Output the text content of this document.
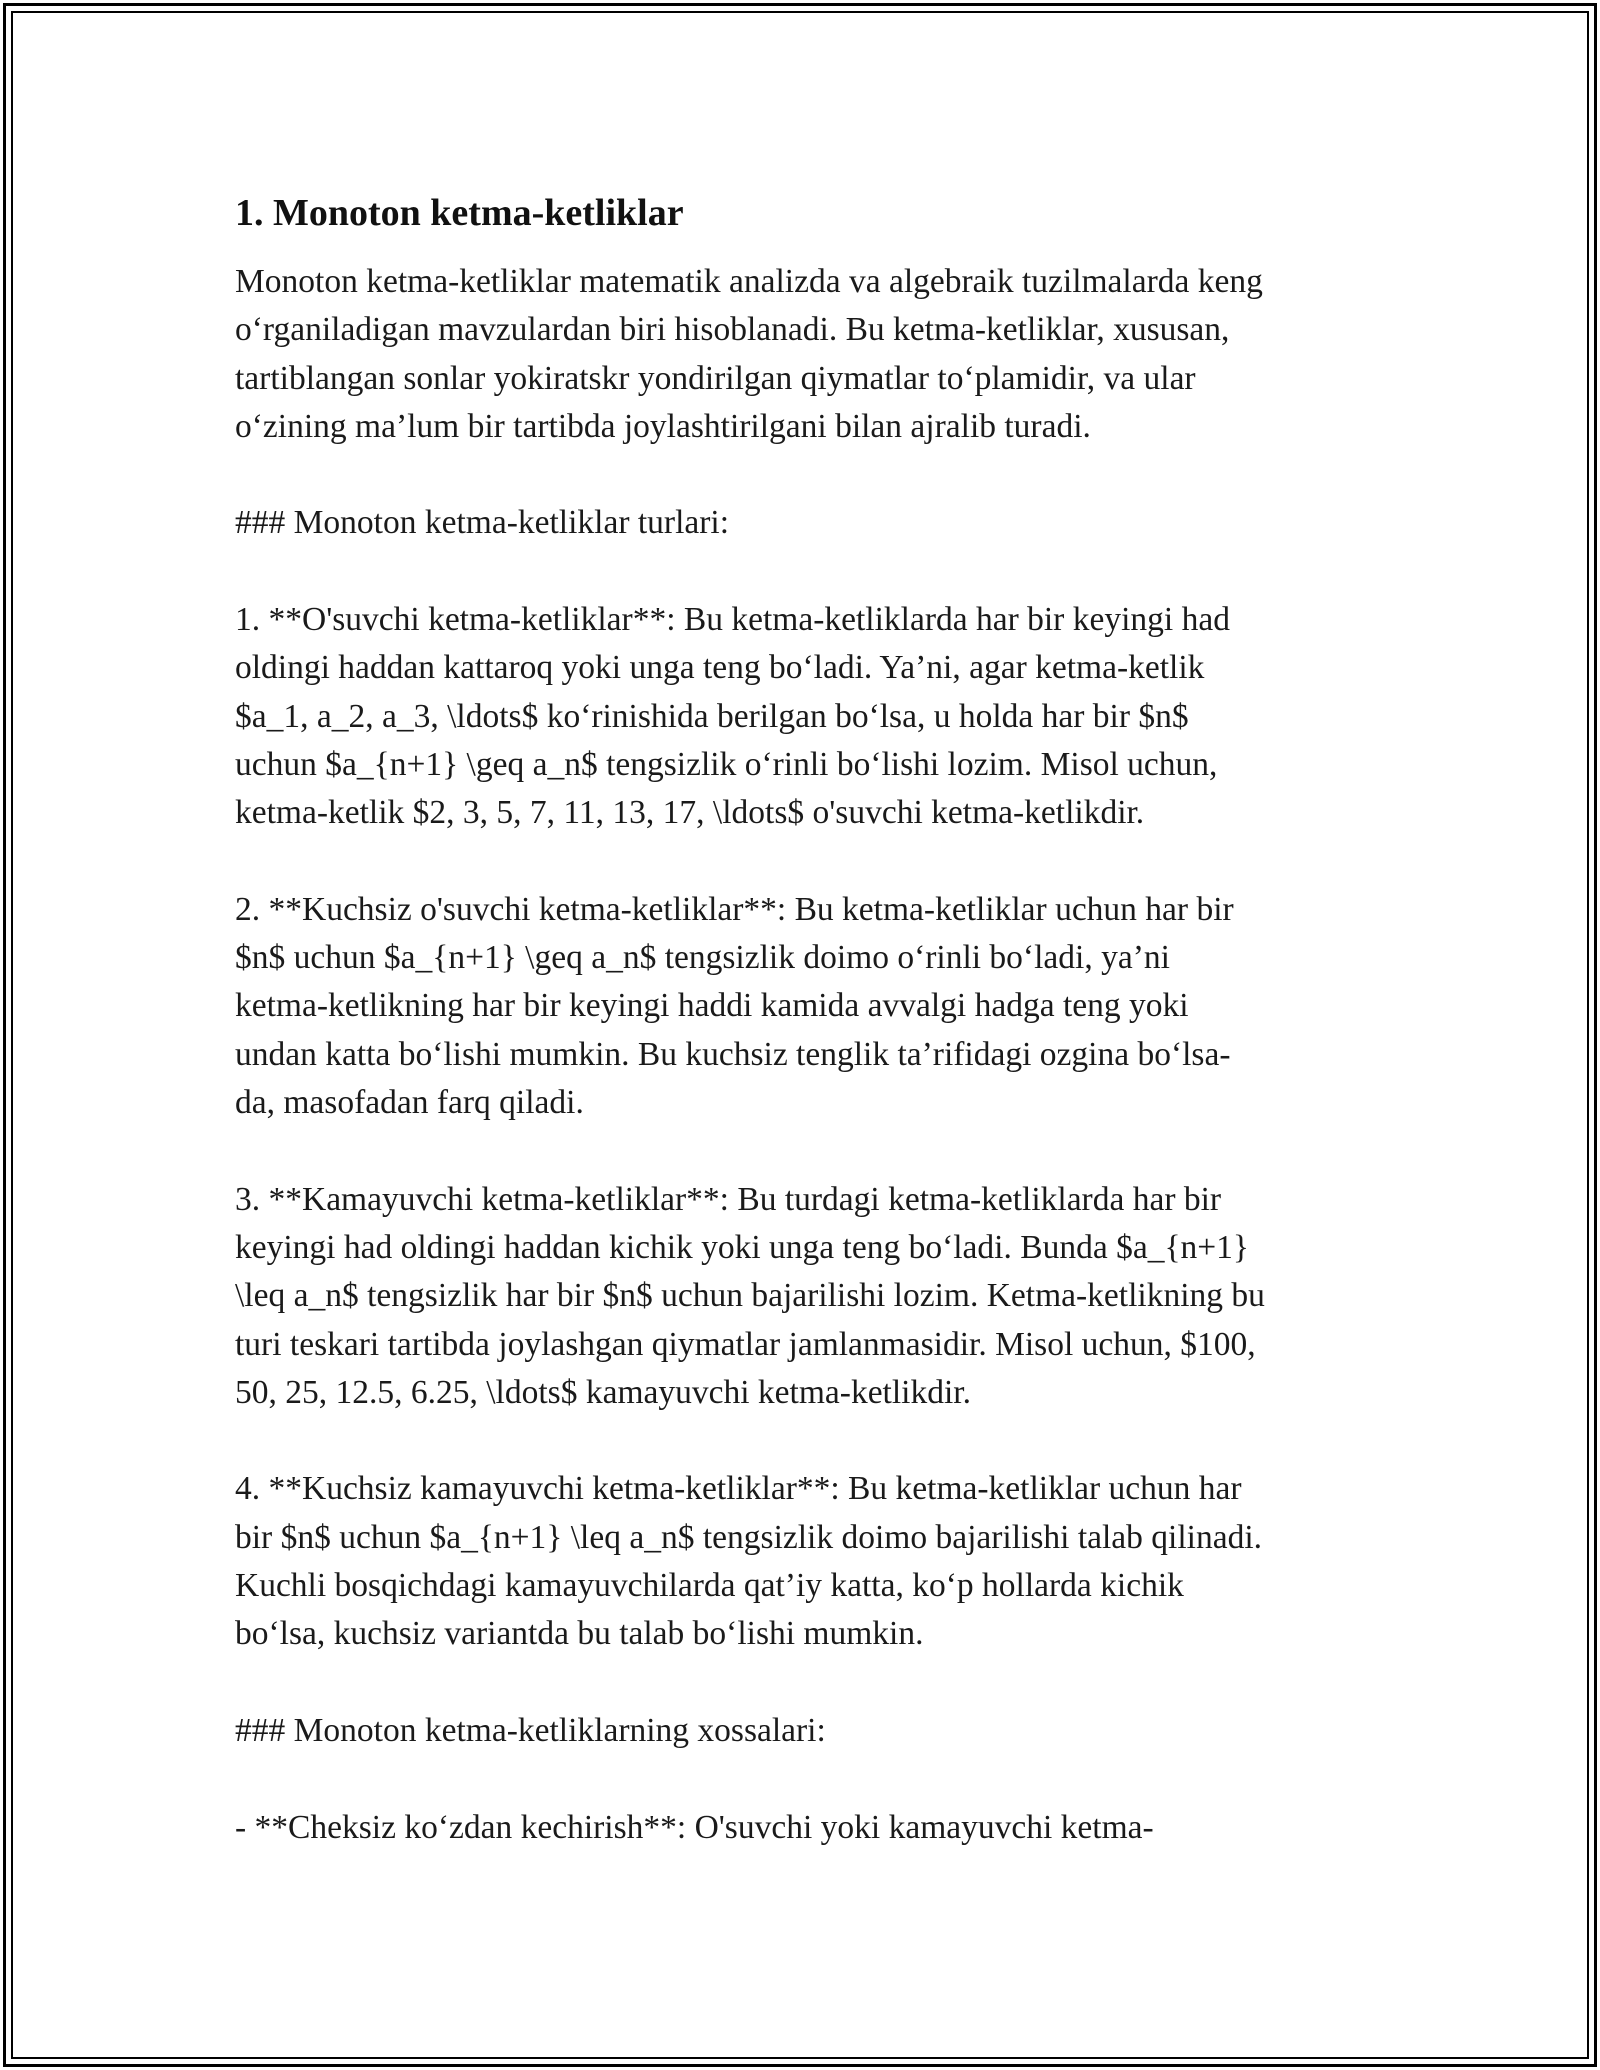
1. Monoton ketma-ketliklar

Monoton ketma-ketliklar matematik analizda va algebraik tuzilmalarda keng
o‘rganiladigan mavzulardan biri hisoblanadi. Bu ketma-ketliklar, xususan,
tartiblangan sonlar yokiratskr yondirilgan qiymatlar to‘plamidir, va ular
o‘zining ma’lum bir tartibda joylashtirilgani bilan ajralib turadi.

### Monoton ketma-ketliklar turlari:

1. **O'suvchi ketma-ketliklar**: Bu ketma-ketliklarda har bir keyingi had
oldingi haddan kattaroq yoki unga teng bo‘ladi. Ya’ni, agar ketma-ketlik
$a_1, a_2, a_3, \ldots$ ko‘rinishida berilgan bo‘lsa, u holda har bir $n$
uchun $a_{n+1} \geq a_n$ tengsizlik o‘rinli bo‘lishi lozim. Misol uchun,
ketma-ketlik $2, 3, 5, 7, 11, 13, 17, \ldots$ o'suvchi ketma-ketlikdir.

2. **Kuchsiz o'suvchi ketma-ketliklar**: Bu ketma-ketliklar uchun har bir
$n$ uchun $a_{n+1} \geq a_n$ tengsizlik doimo o‘rinli bo‘ladi, ya’ni
ketma-ketlikning har bir keyingi haddi kamida avvalgi hadga teng yoki
undan katta bo‘lishi mumkin. Bu kuchsiz tenglik ta’rifidagi ozgina bo‘lsa-
da, masofadan farq qiladi.

3. **Kamayuvchi ketma-ketliklar**: Bu turdagi ketma-ketliklarda har bir
keyingi had oldingi haddan kichik yoki unga teng bo‘ladi. Bunda $a_{n+1}
\leq a_n$ tengsizlik har bir $n$ uchun bajarilishi lozim. Ketma-ketlikning bu
turi teskari tartibda joylashgan qiymatlar jamlanmasidir. Misol uchun, $100,
50, 25, 12.5, 6.25, \ldots$ kamayuvchi ketma-ketlikdir.

4. **Kuchsiz kamayuvchi ketma-ketliklar**: Bu ketma-ketliklar uchun har
bir $n$ uchun $a_{n+1} \leq a_n$ tengsizlik doimo bajarilishi talab qilinadi.
Kuchli bosqichdagi kamayuvchilarda qat’iy katta, ko‘p hollarda kichik
bo‘lsa, kuchsiz variantda bu talab bo‘lishi mumkin.

### Monoton ketma-ketliklarning xossalari:

- **Cheksiz ko‘zdan kechirish**: O'suvchi yoki kamayuvchi ketma-
